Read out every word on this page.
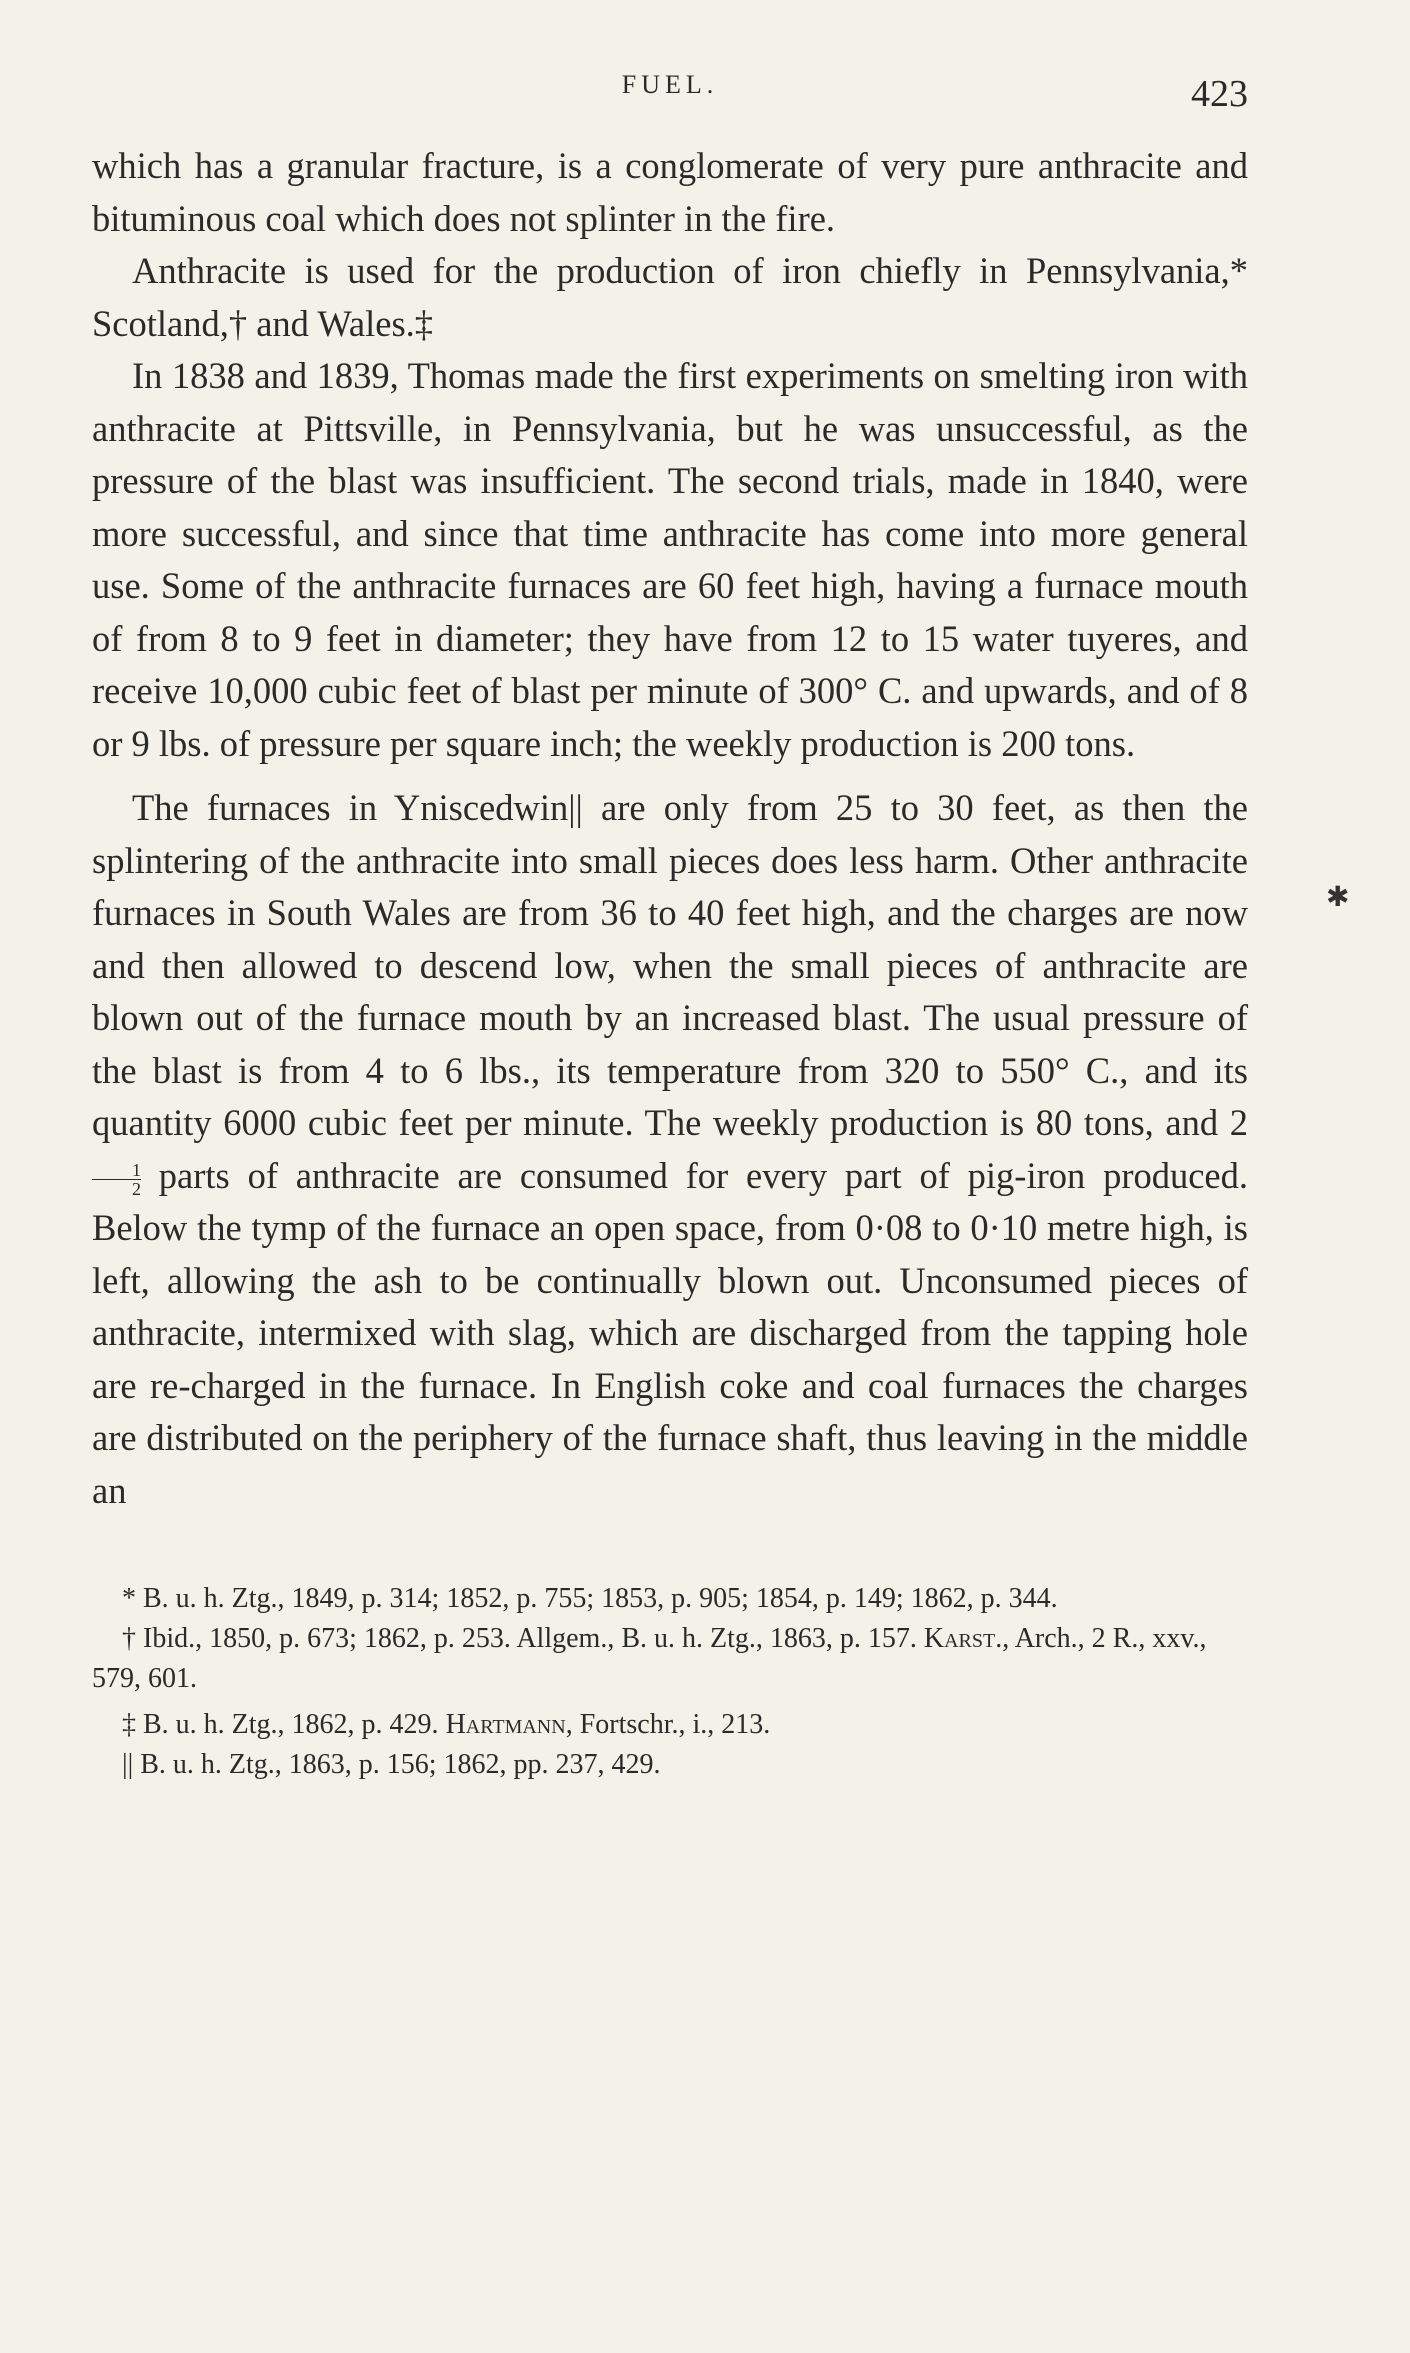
FUEL.	423

which has a granular fracture, is a conglomerate of very pure anthracite and bituminous coal which does not splinter in the fire.

Anthracite is used for the production of iron chiefly in Pennsylvania,* Scotland,† and Wales.‡

In 1838 and 1839, Thomas made the first experiments on smelting iron with anthracite at Pittsville, in Pennsylvania, but he was unsuccessful, as the pressure of the blast was insufficient. The second trials, made in 1840, were more successful, and since that time anthracite has come into more general use. Some of the anthracite furnaces are 60 feet high, having a furnace mouth of from 8 to 9 feet in diameter; they have from 12 to 15 water tuyeres, and receive 10,000 cubic feet of blast per minute of 300° C. and upwards, and of 8 or 9 lbs. of pressure per square inch; the weekly production is 200 tons.

The furnaces in Yniscedwin|| are only from 25 to 30 feet, as then the splintering of the anthracite into small pieces does less harm. Other anthracite furnaces in South Wales are from 36 to 40 feet high, and the charges are now and then allowed to descend low, when the small pieces of anthracite are blown out of the furnace mouth by an increased blast. The usual pressure of the blast is from 4 to 6 lbs., its temperature from 320 to 550° C., and its quantity 6000 cubic feet per minute. The weekly production is 80 tons, and 2
$\frac{1}{2}$ parts of anthracite are consumed for every part of pig-iron produced. Below the tymp of the furnace an open space, from 0·08 to 0·10 metre high, is left, allowing the ash to be continually blown out. Unconsumed pieces of anthracite, intermixed with slag, which are discharged from the tapping hole are re-charged in the furnace. In English coke and coal furnaces the charges are distributed on the periphery of the furnace shaft, thus leaving in the middle an

* B. u. h. Ztg., 1849, p. 314; 1852, p. 755; 1853, p. 905; 1854, p. 149; 1862, p. 344.

† Ibid., 1850, p. 673; 1862, p. 253. Allgem., B. u. h. Ztg., 1863, p. 157. Karst., Arch., 2 R., xxv., 579, 601.

‡ B. u. h. Ztg., 1862, p. 429. Hartmann, Fortschr., i., 213.

|| B. u. h. Ztg., 1863, p. 156; 1862, pp. 237, 429.

✱
